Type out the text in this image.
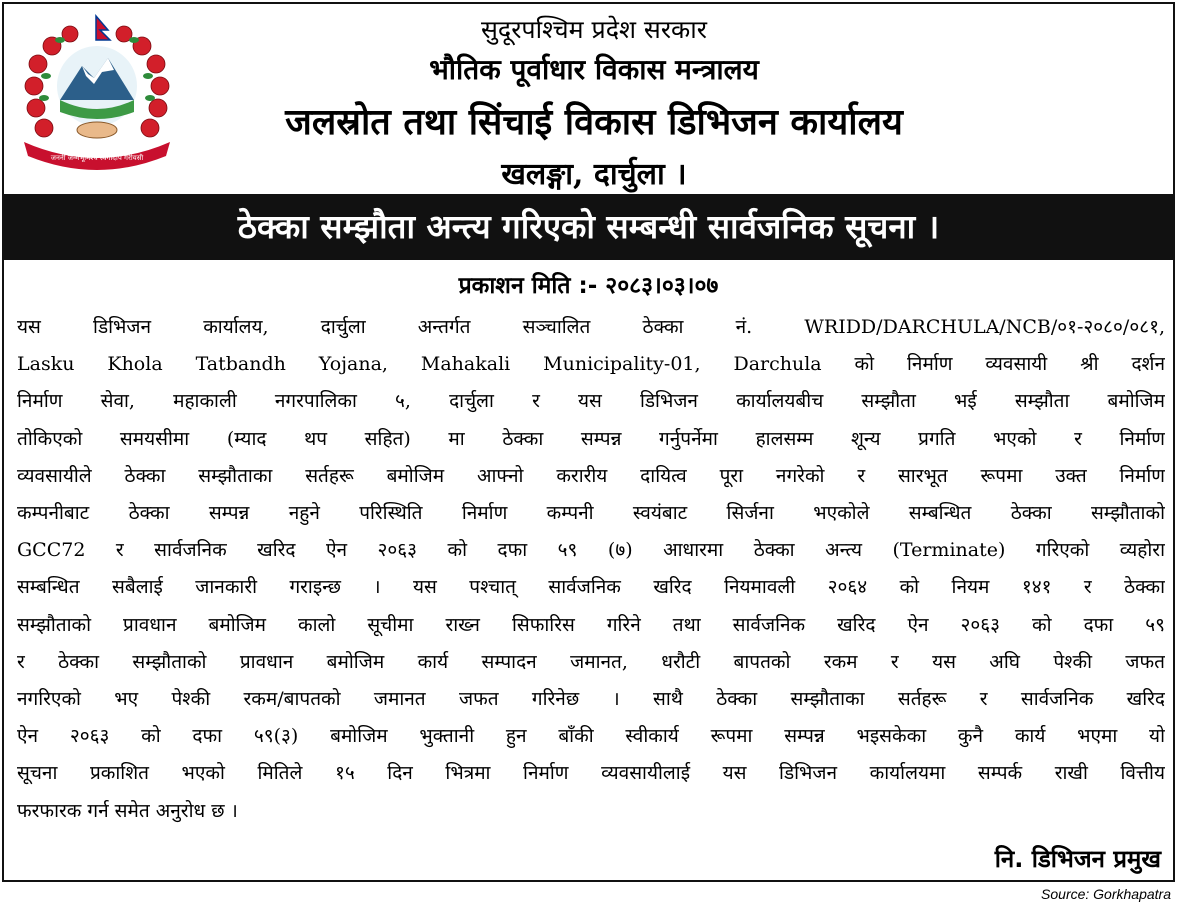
जननी जन्मभूमिश्च स्वर्गादपि गरीयसी
सुदूरपश्चिम प्रदेश सरकार
भौतिक पूर्वाधार विकास मन्त्रालय
जलस्रोत तथा सिंचाई विकास डिभिजन कार्यालय
खलङ्गा, दार्चुला ।
ठेक्का सम्झौता अन्त्य गरिएको सम्बन्धी सार्वजनिक सूचना ।
प्रकाशन मिति :- २०८३।०३।०७
यस डिभिजन कार्यालय, दार्चुला अन्तर्गत सञ्चालित ठेक्का नं. WRIDD/DARCHULA/NCB/०१-२०८०/०८१,
Lasku Khola Tatbandh Yojana, Mahakali Municipality-01, Darchula को निर्माण व्यवसायी श्री दर्शन
निर्माण सेवा, महाकाली नगरपालिका ५, दार्चुला र यस डिभिजन कार्यालयबीच सम्झौता भई सम्झौता बमोजिम
तोकिएको समयसीमा (म्याद थप सहित) मा ठेक्का सम्पन्न गर्नुपर्नेमा हालसम्म शून्य प्रगति भएको र निर्माण
व्यवसायीले ठेक्का सम्झौताका सर्तहरू बमोजिम आफ्नो करारीय दायित्व पूरा नगरेको र सारभूत रूपमा उक्त निर्माण
कम्पनीबाट ठेक्का सम्पन्न नहुने परिस्थिति निर्माण कम्पनी स्वयंबाट सिर्जना भएकोले सम्बन्धित ठेक्का सम्झौताको
GCC72 र सार्वजनिक खरिद ऐन २०६३ को दफा ५९ (७) आधारमा ठेक्का अन्त्य (Terminate) गरिएको व्यहोरा
सम्बन्धित सबैलाई जानकारी गराइन्छ । यस पश्चात् सार्वजनिक खरिद नियमावली २०६४ को नियम १४१ र ठेक्का
सम्झौताको प्रावधान बमोजिम कालो सूचीमा राख्न सिफारिस गरिने तथा सार्वजनिक खरिद ऐन २०६३ को दफा ५९
र ठेक्का सम्झौताको प्रावधान बमोजिम कार्य सम्पादन जमानत, धरौटी बापतको रकम र यस अघि पेश्की जफत
नगरिएको भए पेश्की रकम/बापतको जमानत जफत गरिनेछ । साथै ठेक्का सम्झौताका सर्तहरू र सार्वजनिक खरिद
ऐन २०६३ को दफा ५९(३) बमोजिम भुक्तानी हुन बाँकी स्वीकार्य रूपमा सम्पन्न भइसकेका कुनै कार्य भएमा यो
सूचना प्रकाशित भएको मितिले १५ दिन भित्रमा निर्माण व्यवसायीलाई यस डिभिजन कार्यालयमा सम्पर्क राखी वित्तीय
फरफारक गर्न समेत अनुरोध छ ।
नि. डिभिजन प्रमुख
Source: Gorkhapatra
